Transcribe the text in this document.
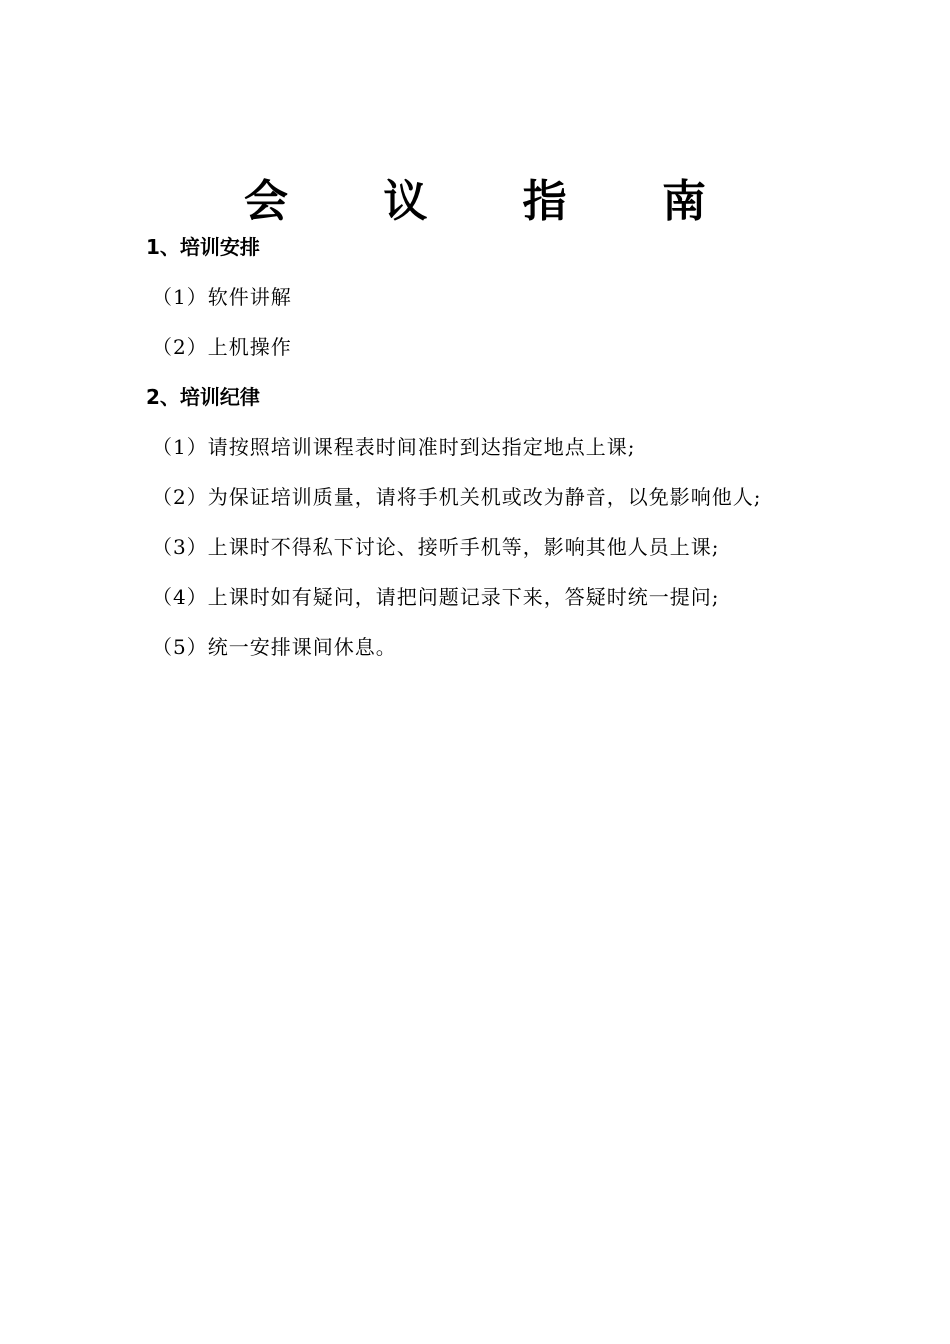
会 议 指 南
1、培训安排
（1）软件讲解
（2）上机操作
2、培训纪律
（1）请按照培训课程表时间准时到达指定地点上课;
（2）为保证培训质量，请将手机关机或改为静音，以免影响他人;
（3）上课时不得私下讨论、接听手机等，影响其他人员上课;
（4）上课时如有疑问，请把问题记录下来，答疑时统一提问;
（5）统一安排课间休息。
